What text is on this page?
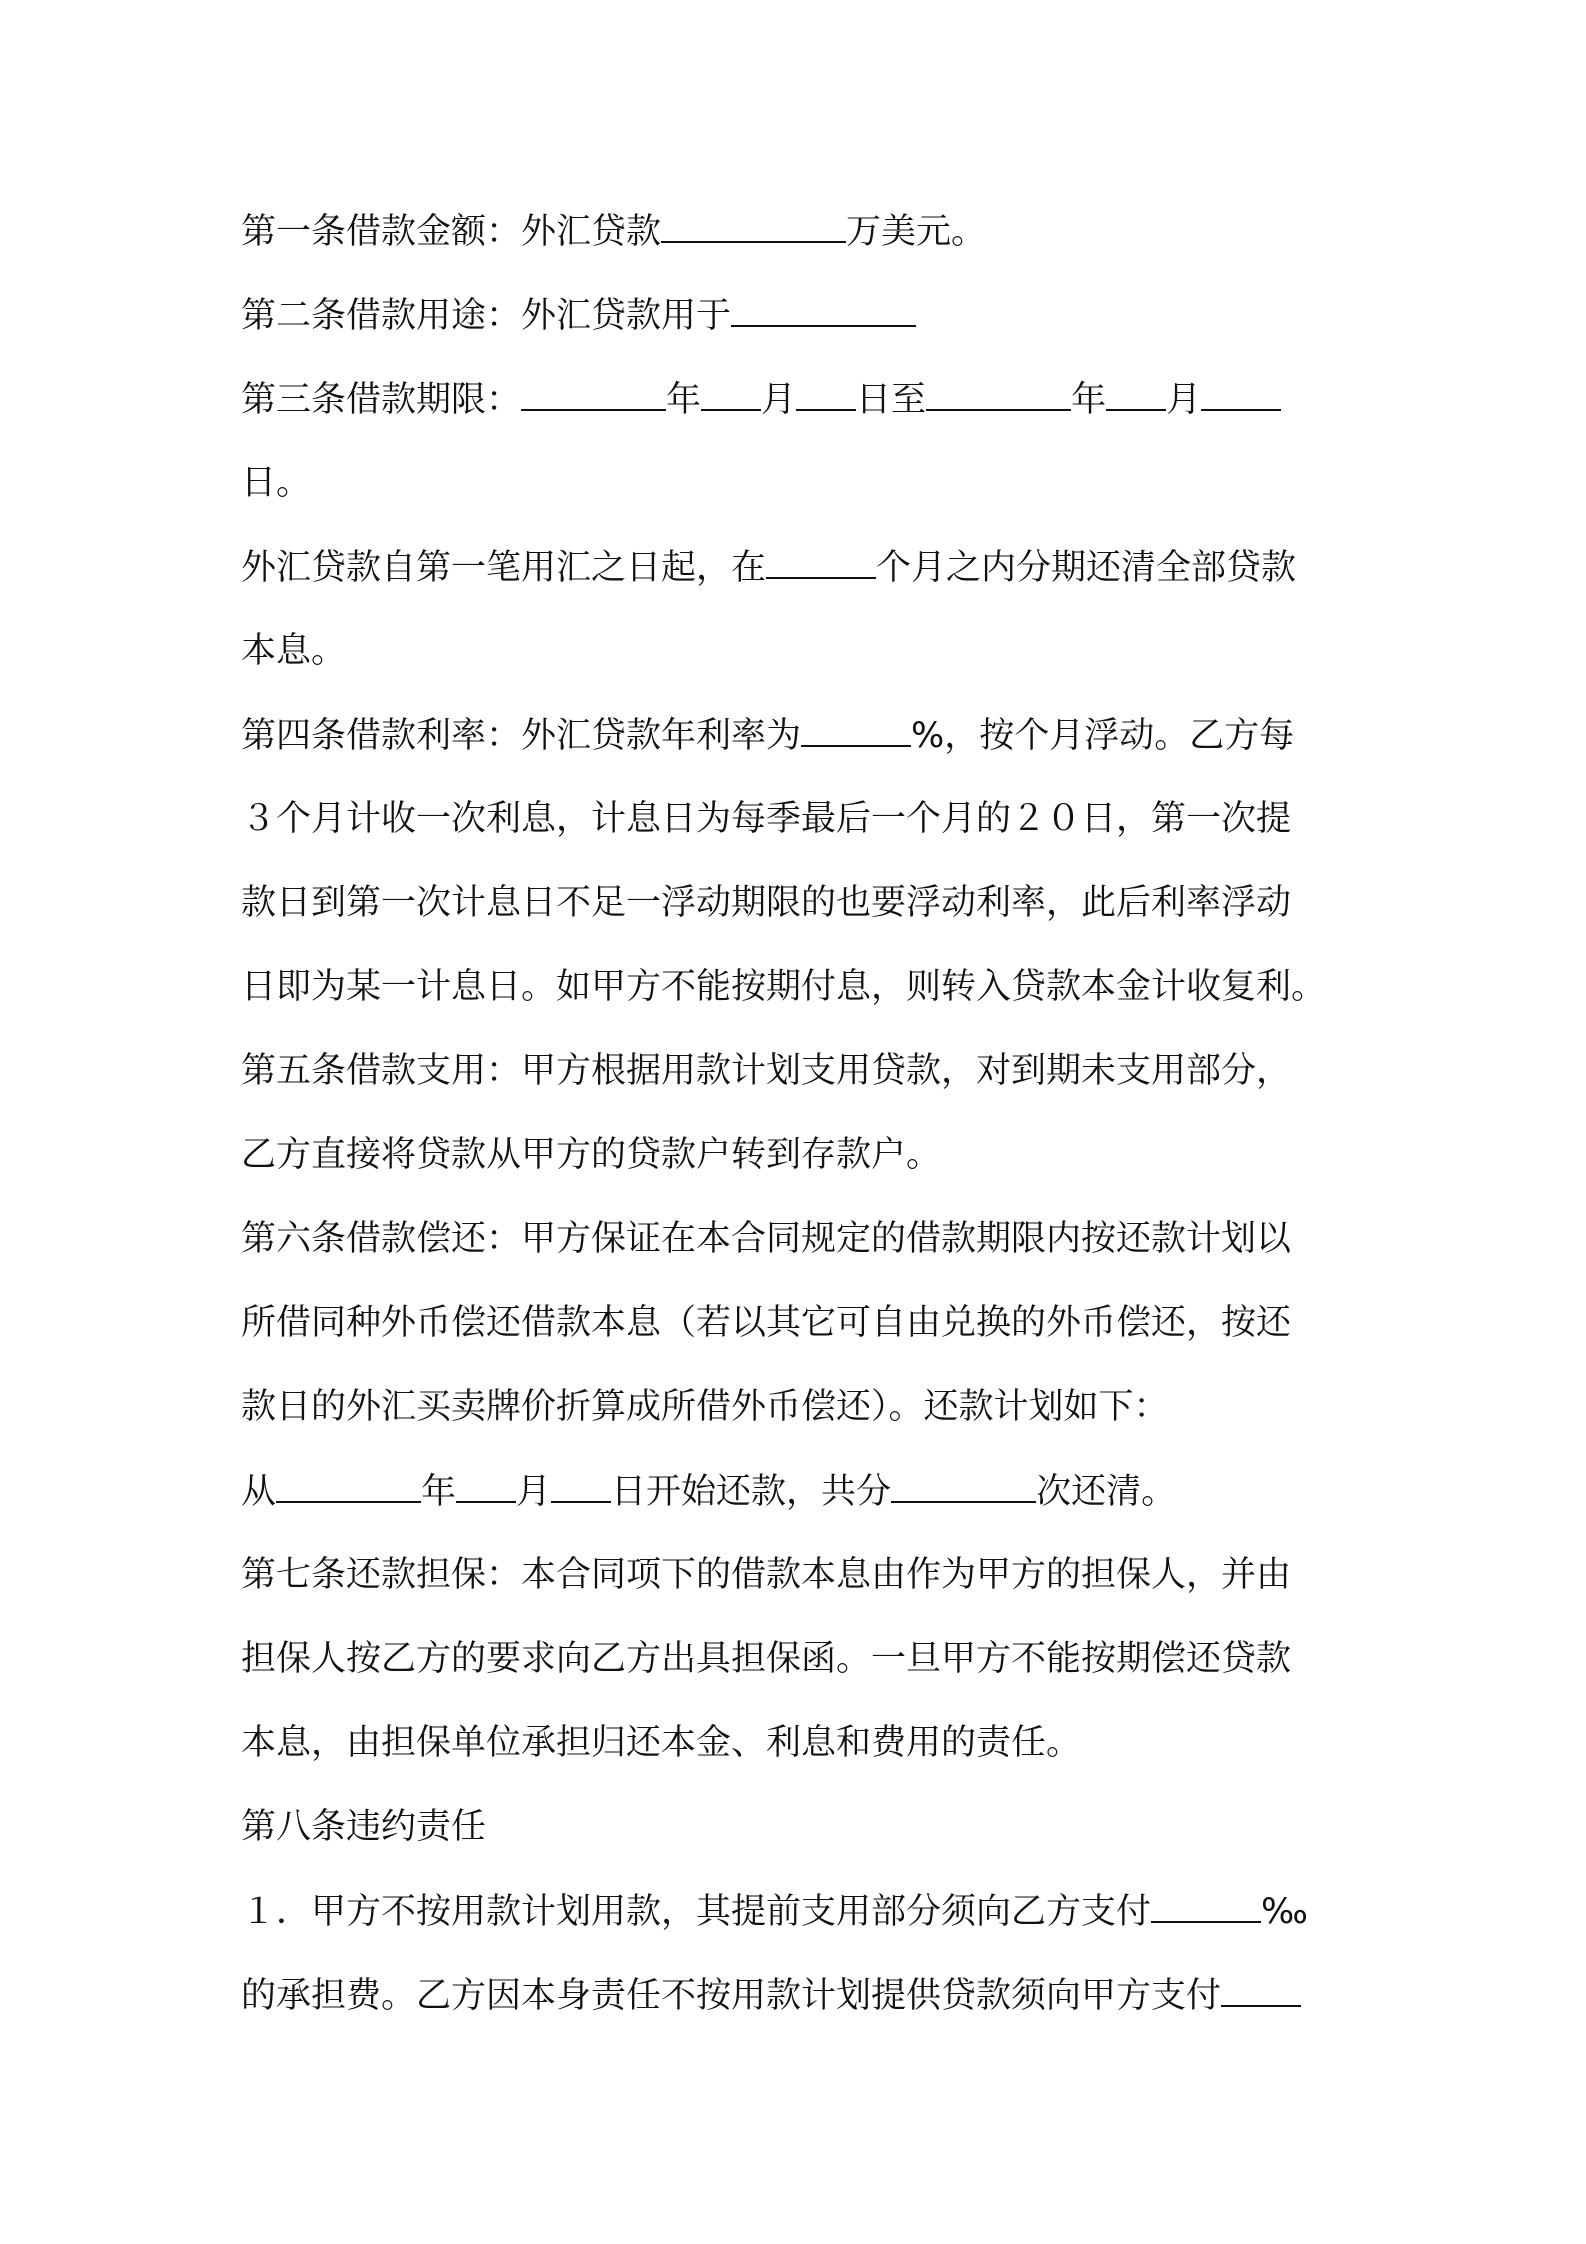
第一条借款金额：外汇贷款	万美元。
第二条借款用途：外汇贷款用于
第三条借款期限：	年 月 日至	年 月
日。
外汇贷款自第一笔用汇之日起，在	个月之内分期还清全部贷款
本息。
第四条借款利率：外汇贷款年利率为	%，按个月浮动。乙方每
３个月计收一次利息，计息日为每季最后一个月的２０日，第一次提
款日到第一次计息日不足一浮动期限的也要浮动利率，此后利率浮动
日即为某一计息日。如甲方不能按期付息，则转入贷款本金计收复利。
第五条借款支用：甲方根据用款计划支用贷款，对到期未支用部分，
乙方直接将贷款从甲方的贷款户转到存款户。
第六条借款偿还：甲方保证在本合同规定的借款期限内按还款计划以
所借同种外币偿还借款本息（若以其它可自由兑换的外币偿还，按还
款日的外汇买卖牌价折算成所借外币偿还）。还款计划如下：
从	年 月 日开始还款，共分	次还清。
第七条还款担保：本合同项下的借款本息由作为甲方的担保人，并由
担保人按乙方的要求向乙方出具担保函。一旦甲方不能按期偿还贷款
本息，由担保单位承担归还本金、利息和费用的责任。
第八条违约责任
１．甲方不按用款计划用款，其提前支用部分须向乙方支付	‰
的承担费。乙方因本身责任不按用款计划提供贷款须向甲方支付
